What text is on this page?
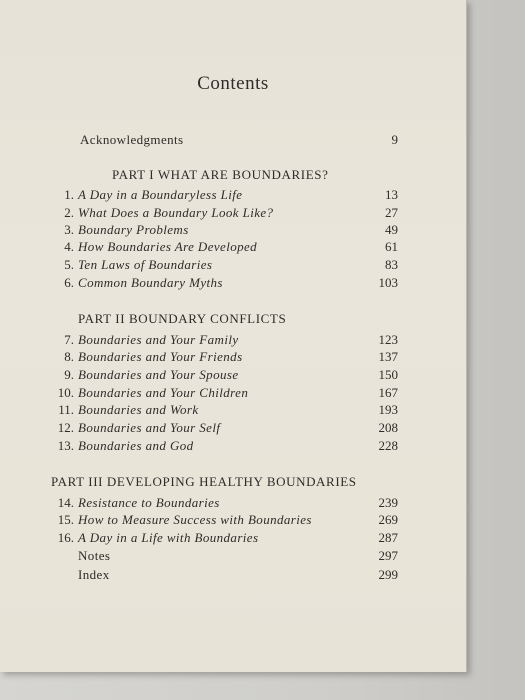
Contents
Acknowledgments	9
PART I WHAT ARE BOUNDARIES?
1. A Day in a Boundaryless Life	13
2. What Does a Boundary Look Like?	27
3. Boundary Problems	49
4. How Boundaries Are Developed	61
5. Ten Laws of Boundaries	83
6. Common Boundary Myths	103
PART II BOUNDARY CONFLICTS
7. Boundaries and Your Family	123
8. Boundaries and Your Friends	137
9. Boundaries and Your Spouse	150
10. Boundaries and Your Children	167
11. Boundaries and Work	193
12. Boundaries and Your Self	208
13. Boundaries and God	228
PART III DEVELOPING HEALTHY BOUNDARIES
14. Resistance to Boundaries	239
15. How to Measure Success with Boundaries	269
16. A Day in a Life with Boundaries	287
Notes	297
Index	299
